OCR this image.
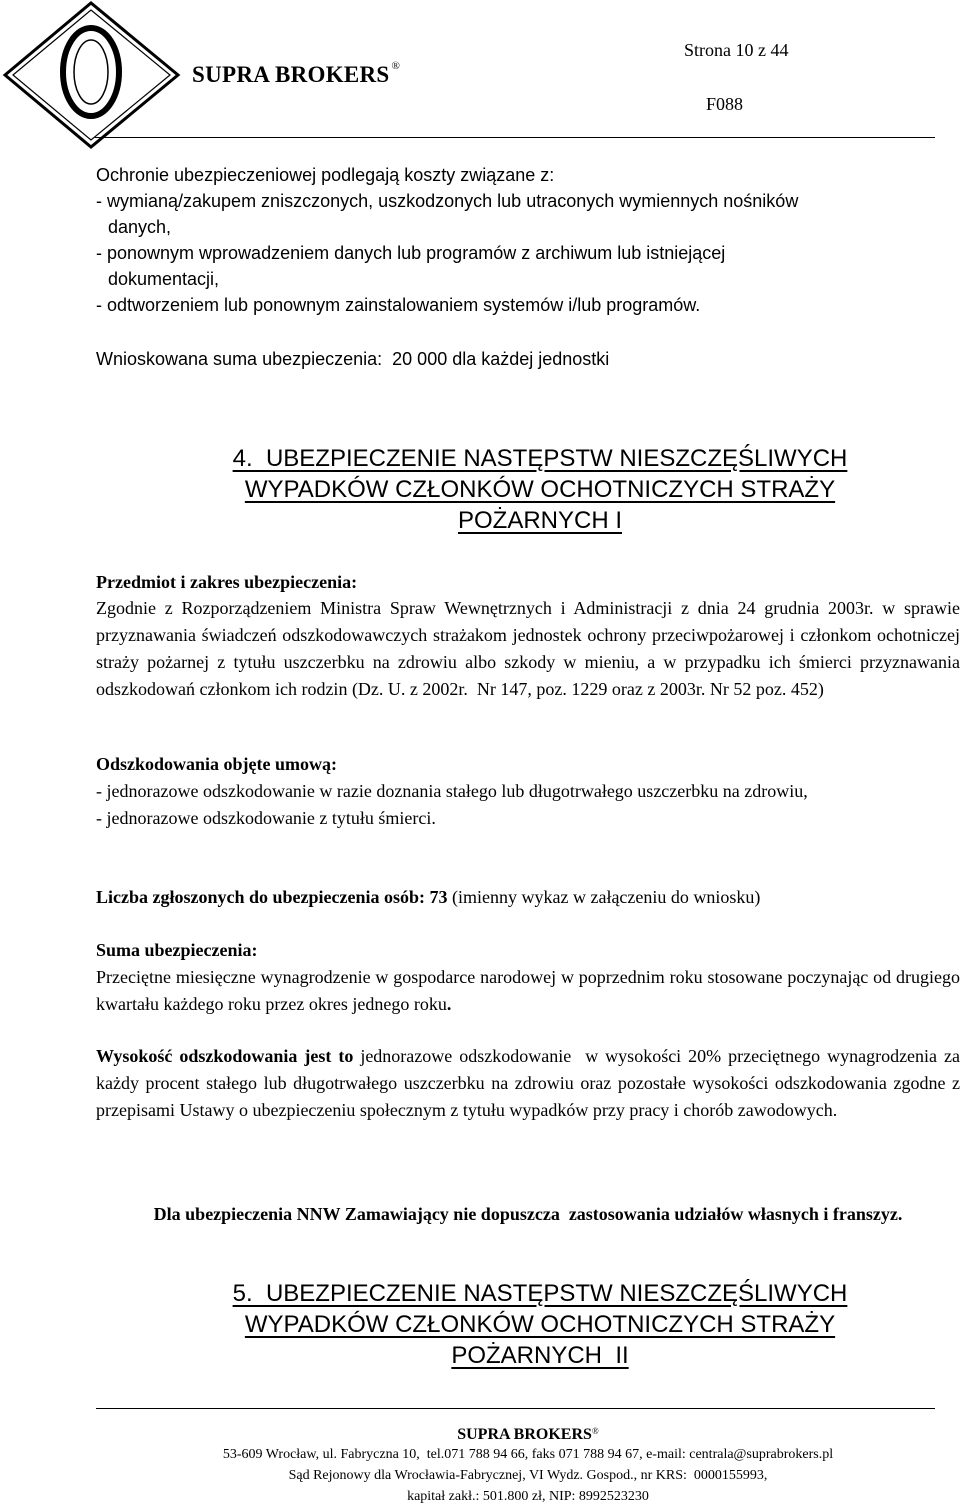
SUPRA BROKERS ®
Strona 10 z 44
F088
Ochronie ubezpieczeniowej podlegają koszty związane z:
- wymianą/zakupem zniszczonych, uszkodzonych lub utraconych wymiennych nośników
danych,
- ponownym wprowadzeniem danych lub programów z archiwum lub istniejącej
dokumentacji,
- odtworzeniem lub ponownym zainstalowaniem systemów i/lub programów.
Wnioskowana suma ubezpieczenia:  20 000 dla każdej jednostki
4.  UBEZPIECZENIE NASTĘPSTW NIESZCZĘŚLIWYCH
WYPADKÓW CZŁONKÓW OCHOTNICZYCH STRAŻY
POŻARNYCH I
Przedmiot i zakres ubezpieczenia:
Zgodnie z Rozporządzeniem Ministra Spraw Wewnętrznych i Administracji z dnia 24 grudnia 2003r. w sprawie przyznawania świadczeń odszkodowawczych strażakom jednostek ochrony przeciwpożarowej i członkom ochotniczej straży pożarnej z tytułu uszczerbku na zdrowiu albo szkody w mieniu, a w przypadku ich śmierci przyznawania odszkodowań członkom ich rodzin (Dz. U. z 2002r.  Nr 147, poz. 1229 oraz z 2003r. Nr 52 poz. 452)
Odszkodowania objęte umową:
- jednorazowe odszkodowanie w razie doznania stałego lub długotrwałego uszczerbku na zdrowiu,
- jednorazowe odszkodowanie z tytułu śmierci.
Liczba zgłoszonych do ubezpieczenia osób: 73 (imienny wykaz w załączeniu do wniosku)
Suma ubezpieczenia:
Przeciętne miesięczne wynagrodzenie w gospodarce narodowej w poprzednim roku stosowane poczynając od drugiego kwartału każdego roku przez okres jednego roku.
Wysokość odszkodowania jest to jednorazowe odszkodowanie  w wysokości 20% przeciętnego wynagrodzenia za każdy procent stałego lub długotrwałego uszczerbku na zdrowiu oraz pozostałe wysokości odszkodowania zgodne z przepisami Ustawy o ubezpieczeniu społecznym z tytułu wypadków przy pracy i chorób zawodowych.
Dla ubezpieczenia NNW Zamawiający nie dopuszcza  zastosowania udziałów własnych i franszyz.
5.  UBEZPIECZENIE NASTĘPSTW NIESZCZĘŚLIWYCH
WYPADKÓW CZŁONKÓW OCHOTNICZYCH STRAŻY
POŻARNYCH  II
SUPRA BROKERS®
53-609 Wrocław, ul. Fabryczna 10,  tel.071 788 94 66, faks 071 788 94 67, e-mail: centrala@suprabrokers.pl
Sąd Rejonowy dla Wrocławia-Fabrycznej, VI Wydz. Gospod., nr KRS:  0000155993,
kapitał zakł.: 501.800 zł, NIP: 8992523230
